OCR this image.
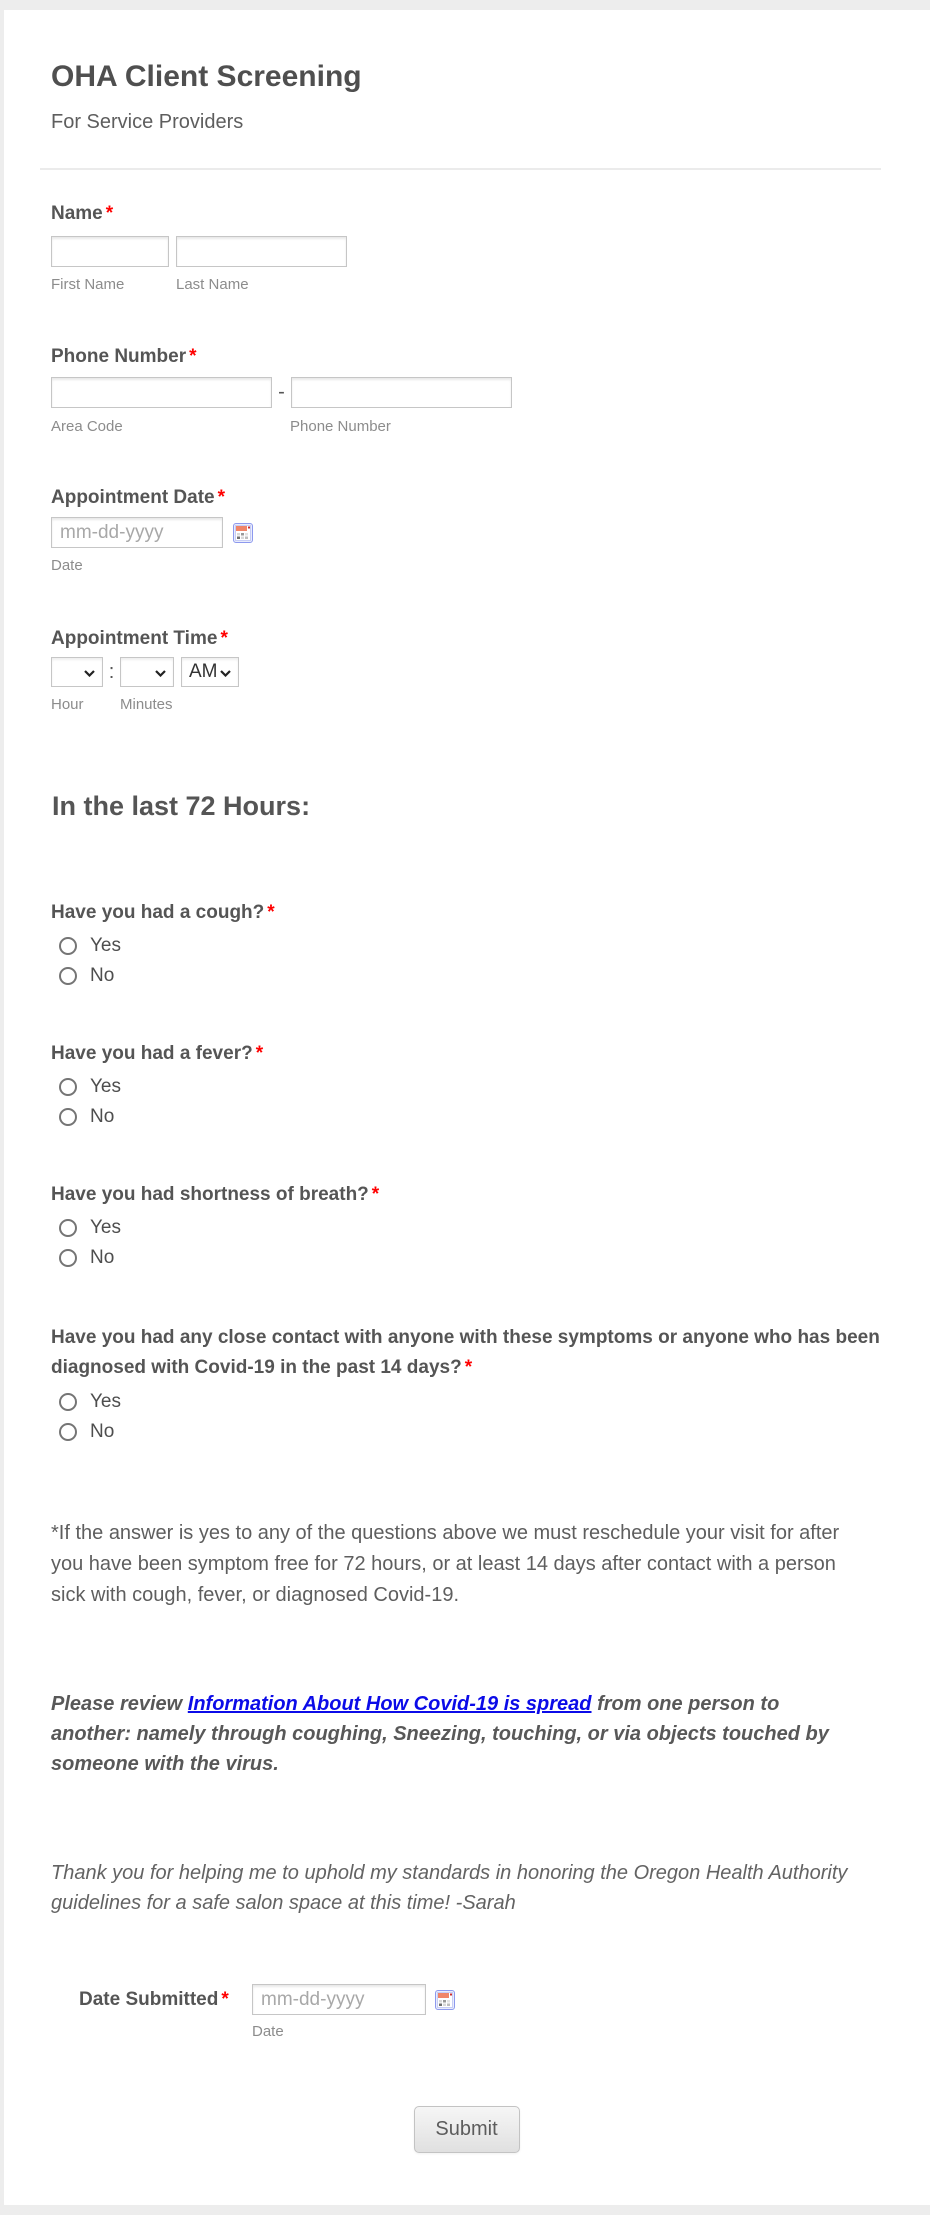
OHA Client Screening
For Service Providers
Name *
First Name	Last Name
Phone Number *
-
Area Code	Phone Number
Appointment Date *
mm-dd-yyyy
Date
Appointment Time *
:	AM
Hour	Minutes
In the last 72 Hours:
Have you had a cough? *
Yes
No
Have you had a fever? *
Yes
No
Have you had shortness of breath? *
Yes
No
Have you had any close contact with anyone with these symptoms or anyone who has been diagnosed with Covid-19 in the past 14 days? *
Yes
No
*If the answer is yes to any of the questions above we must reschedule your visit for after you have been symptom free for 72 hours, or at least 14 days after contact with a person sick with cough, fever, or diagnosed Covid-19.
Please review Information About How Covid-19 is spread from one person to another: namely through coughing, Sneezing, touching, or via objects touched by someone with the virus.
Thank you for helping me to uphold my standards in honoring the Oregon Health Authority guidelines for a safe salon space at this time! -Sarah
Date Submitted *
mm-dd-yyyy
Date
Submit
